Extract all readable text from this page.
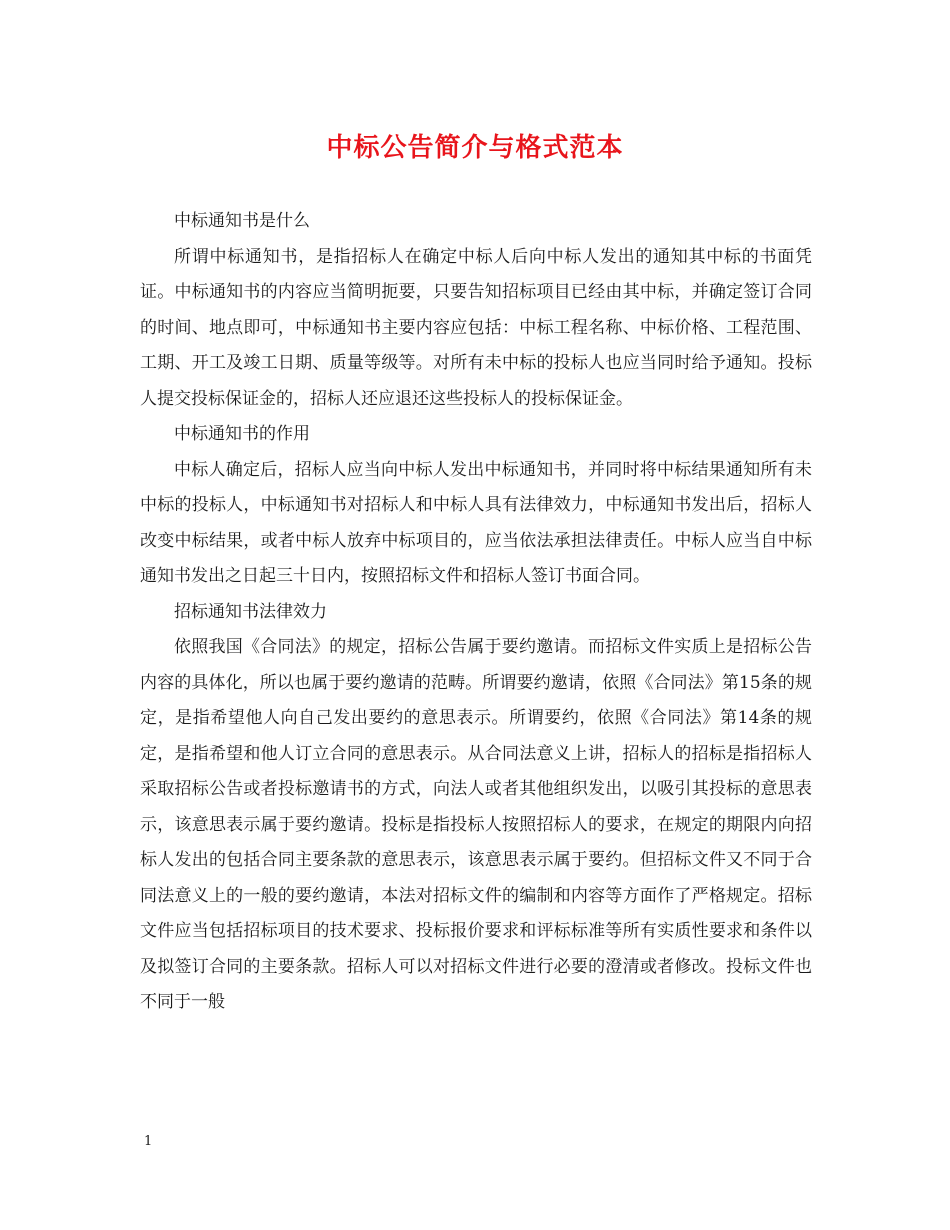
中标公告简介与格式范本

中标通知书是什么

所谓中标通知书，是指招标人在确定中标人后向中标人发出的通知其中标的书面凭证。中标通知书的内容应当简明扼要，只要告知招标项目已经由其中标，并确定签订合同的时间、地点即可，中标通知书主要内容应包括：中标工程名称、中标价格、工程范围、工期、开工及竣工日期、质量等级等。对所有未中标的投标人也应当同时给予通知。投标人提交投标保证金的，招标人还应退还这些投标人的投标保证金。

中标通知书的作用

中标人确定后，招标人应当向中标人发出中标通知书，并同时将中标结果通知所有未中标的投标人，中标通知书对招标人和中标人具有法律效力，中标通知书发出后，招标人改变中标结果，或者中标人放弃中标项目的，应当依法承担法律责任。中标人应当自中标通知书发出之日起三十日内，按照招标文件和招标人签订书面合同。

招标通知书法律效力

依照我国《合同法》的规定，招标公告属于要约邀请。而招标文件实质上是招标公告内容的具体化，所以也属于要约邀请的范畴。所谓要约邀请，依照《合同法》第15条的规定，是指希望他人向自己发出要约的意思表示。所谓要约，依照《合同法》第14条的规定，是指希望和他人订立合同的意思表示。从合同法意义上讲，招标人的招标是指招标人采取招标公告或者投标邀请书的方式，向法人或者其他组织发出，以吸引其投标的意思表示，该意思表示属于要约邀请。投标是指投标人按照招标人的要求，在规定的期限内向招标人发出的包括合同主要条款的意思表示，该意思表示属于要约。但招标文件又不同于合同法意义上的一般的要约邀请，本法对招标文件的编制和内容等方面作了严格规定。招标文件应当包括招标项目的技术要求、投标报价要求和评标标准等所有实质性要求和条件以及拟签订合同的主要条款。招标人可以对招标文件进行必要的澄清或者修改。投标文件也不同于一般

1
